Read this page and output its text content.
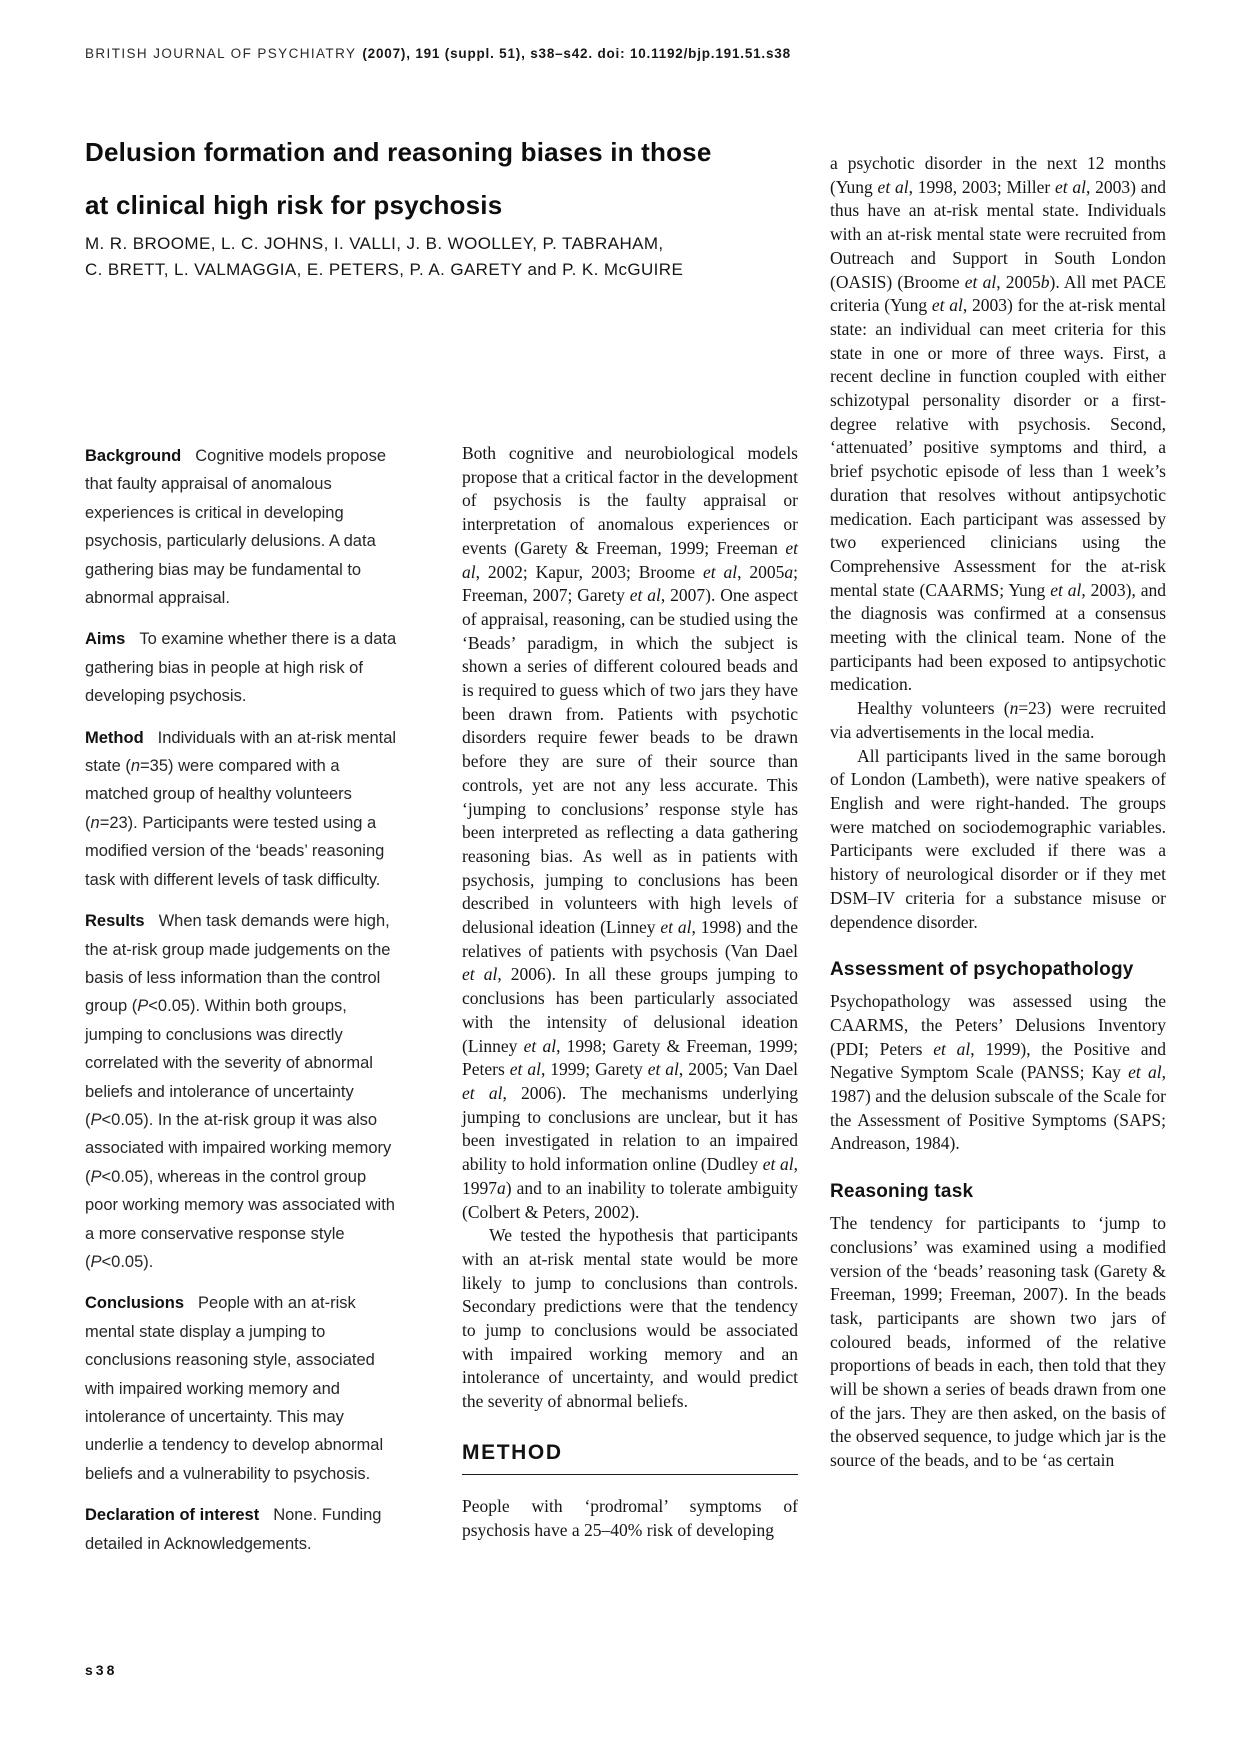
BRITISH JOURNAL OF PSYCHIATRY (2007), 191 (suppl. 51), s38–s42. doi: 10.1192/bjp.191.51.s38
Delusion formation and reasoning biases in those
at clinical high risk for psychosis
M. R. BROOME, L. C. JOHNS, I. VALLI, J. B. WOOLLEY, P. TABRAHAM,
C. BRETT, L. VALMAGGIA, E. PETERS, P. A. GARETY and P. K. McGUIRE

Background Cognitive models propose that faulty appraisal of anomalous experiences is critical in developing psychosis, particularly delusions. A data gathering bias may be fundamental to abnormal appraisal.

Aims To examine whether there is a data gathering bias in people at high risk of developing psychosis.

Method Individuals with an at-risk mental state (n=35) were compared with a matched group of healthy volunteers (n=23). Participants were tested using a modified version of the ‘beads’ reasoning task with different levels of task difficulty.

Results When task demands were high, the at-risk group made judgements on the basis of less information than the control group (P<0.05). Within both groups, jumping to conclusions was directly correlated with the severity of abnormal beliefs and intolerance of uncertainty (P<0.05). In the at-risk group it was also associated with impaired working memory (P<0.05), whereas in the control group poor working memory was associated with a more conservative response style (P<0.05).

Conclusions People with an at-risk mental state display a jumping to conclusions reasoning style, associated with impaired working memory and intolerance of uncertainty. This may underlie a tendency to develop abnormal beliefs and a vulnerability to psychosis.

Declaration of interest None. Funding detailed in Acknowledgements.

Both cognitive and neurobiological models propose that a critical factor in the development of psychosis is the faulty appraisal or interpretation of anomalous experiences or events (Garety & Freeman, 1999; Freeman et al, 2002; Kapur, 2003; Broome et al, 2005a; Freeman, 2007; Garety et al, 2007). One aspect of appraisal, reasoning, can be studied using the ‘Beads’ paradigm, in which the subject is shown a series of different coloured beads and is required to guess which of two jars they have been drawn from. Patients with psychotic disorders require fewer beads to be drawn before they are sure of their source than controls, yet are not any less accurate. This ‘jumping to conclusions’ response style has been interpreted as reflecting a data gathering reasoning bias. As well as in patients with psychosis, jumping to conclusions has been described in volunteers with high levels of delusional ideation (Linney et al, 1998) and the relatives of patients with psychosis (Van Dael et al, 2006). In all these groups jumping to conclusions has been particularly associated with the intensity of delusional ideation (Linney et al, 1998; Garety & Freeman, 1999; Peters et al, 1999; Garety et al, 2005; Van Dael et al, 2006). The mechanisms underlying jumping to conclusions are unclear, but it has been investigated in relation to an impaired ability to hold information online (Dudley et al, 1997a) and to an inability to tolerate ambiguity (Colbert & Peters, 2002).

We tested the hypothesis that participants with an at-risk mental state would be more likely to jump to conclusions than controls. Secondary predictions were that the tendency to jump to conclusions would be associated with impaired working memory and an intolerance of uncertainty, and would predict the severity of abnormal beliefs.

METHOD

People with ‘prodromal’ symptoms of psychosis have a 25–40% risk of developing

a psychotic disorder in the next 12 months (Yung et al, 1998, 2003; Miller et al, 2003) and thus have an at-risk mental state. Individuals with an at-risk mental state were recruited from Outreach and Support in South London (OASIS) (Broome et al, 2005b). All met PACE criteria (Yung et al, 2003) for the at-risk mental state: an individual can meet criteria for this state in one or more of three ways. First, a recent decline in function coupled with either schizotypal personality disorder or a first-degree relative with psychosis. Second, ‘attenuated’ positive symptoms and third, a brief psychotic episode of less than 1 week’s duration that resolves without antipsychotic medication. Each participant was assessed by two experienced clinicians using the Comprehensive Assessment for the at-risk mental state (CAARMS; Yung et al, 2003), and the diagnosis was confirmed at a consensus meeting with the clinical team. None of the participants had been exposed to antipsychotic medication.

Healthy volunteers (n=23) were recruited via advertisements in the local media.

All participants lived in the same borough of London (Lambeth), were native speakers of English and were right-handed. The groups were matched on sociodemographic variables. Participants were excluded if there was a history of neurological disorder or if they met DSM–IV criteria for a substance misuse or dependence disorder.

Assessment of psychopathology

Psychopathology was assessed using the CAARMS, the Peters’ Delusions Inventory (PDI; Peters et al, 1999), the Positive and Negative Symptom Scale (PANSS; Kay et al, 1987) and the delusion subscale of the Scale for the Assessment of Positive Symptoms (SAPS; Andreason, 1984).

Reasoning task

The tendency for participants to ‘jump to conclusions’ was examined using a modified version of the ‘beads’ reasoning task (Garety & Freeman, 1999; Freeman, 2007). In the beads task, participants are shown two jars of coloured beads, informed of the relative proportions of beads in each, then told that they will be shown a series of beads drawn from one of the jars. They are then asked, on the basis of the observed sequence, to judge which jar is the source of the beads, and to be ‘as certain

s38
